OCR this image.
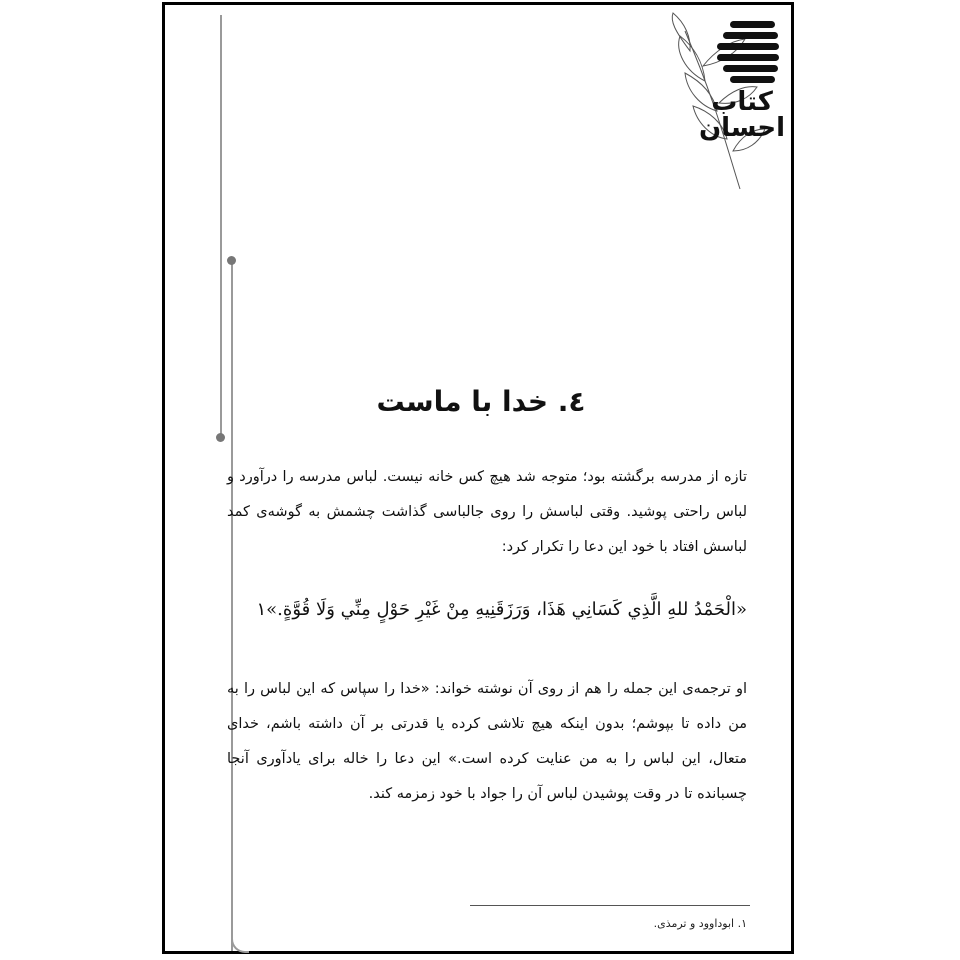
کتاب
احسان
٤. خدا با ماست

تازه از مدرسه برگشته بود؛ متوجه شد هیچ کس خانه نیست. لباس مدرسه را درآورد و لباس راحتی پوشید. وقتی لباسش را روی جالباسی گذاشت چشمش به گوشه‌ی کمد لباسش افتاد با خود این دعا را تکرار کرد:

«الْحَمْدُ للهِ الَّذِي كَسَانِي هَذَا، وَرَزَقَنِيهِ مِنْ غَيْرِ حَوْلٍ مِنِّي وَلَا قُوَّةٍ.»١

او ترجمه‌ی این جمله را هم از روی آن نوشته خواند: «خدا را سپاس که این لباس را به من داده تا بپوشم؛ بدون اینکه هیچ تلاشی کرده یا قدرتی بر آن داشته باشم، خدای متعال، این لباس را به من عنایت کرده است.» این دعا را خاله برای یادآوری آنجا چسبانده تا در وقت پوشیدن لباس آن را جواد با خود زمزمه کند.

١. ابوداوود و ترمذی.
